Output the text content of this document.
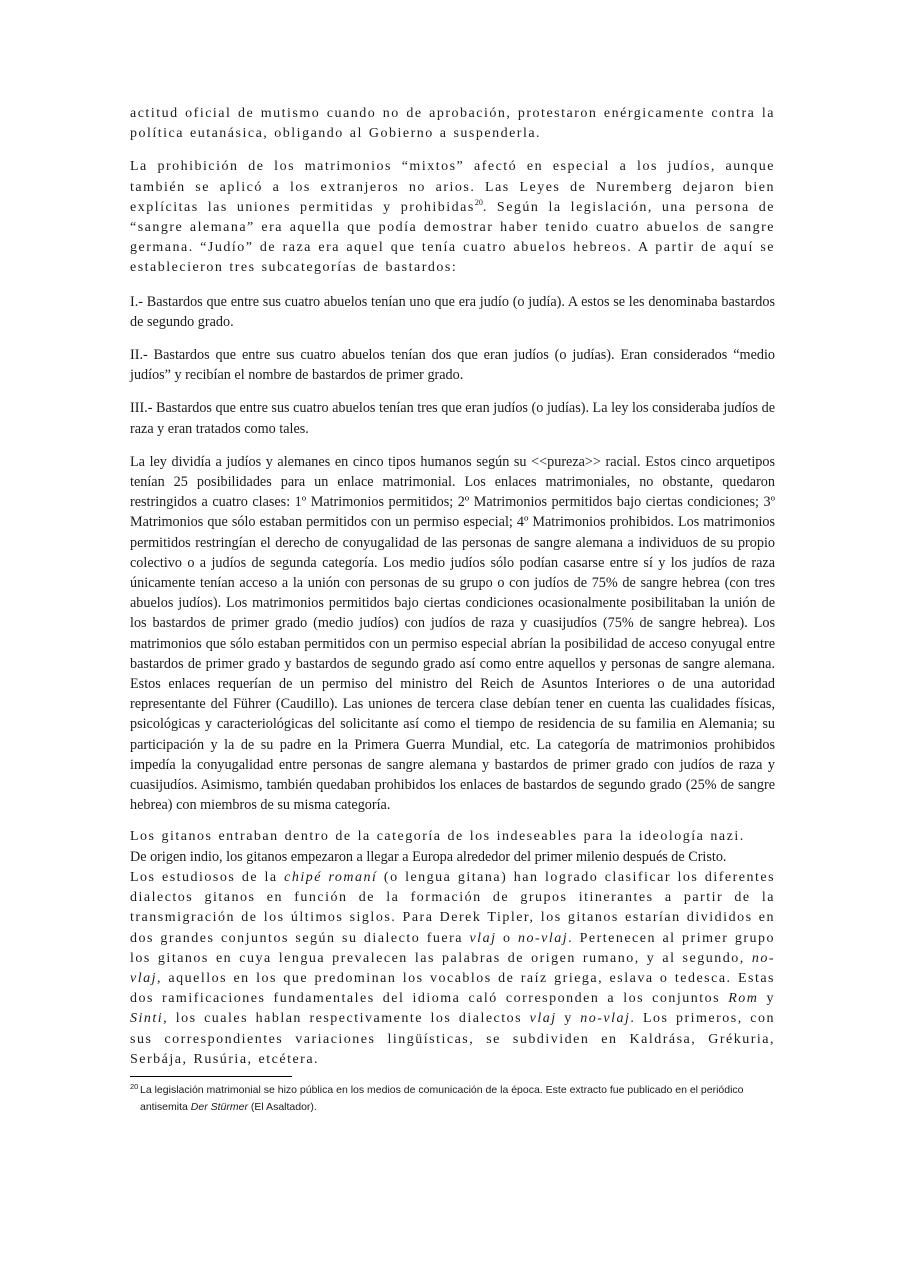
actitud oficial de mutismo cuando no de aprobación, protestaron enérgicamente contra la política eutanásica, obligando al Gobierno a suspenderla.

La prohibición de los matrimonios “mixtos” afectó en especial a los judíos, aunque también se aplicó a los extranjeros no arios. Las Leyes de Nuremberg dejaron bien explícitas las uniones permitidas y prohibidas$^{20}$. Según la legislación, una persona de “sangre alemana” era aquella que podía demostrar haber tenido cuatro abuelos de sangre germana. “Judío” de raza era aquel que tenía cuatro abuelos hebreos. A partir de aquí se establecieron tres subcategorías de bastardos:

I.- Bastardos que entre sus cuatro abuelos tenían uno que era judío (o judía). A estos se les denominaba bastardos de segundo grado.

II.- Bastardos que entre sus cuatro abuelos tenían dos que eran judíos (o judías). Eran considerados “medio judíos” y recibían el nombre de bastardos de primer grado.

III.- Bastardos que entre sus cuatro abuelos tenían tres que eran judíos (o judías). La ley los consideraba judíos de raza y eran tratados como tales.

La ley dividía a judíos y alemanes en cinco tipos humanos según su <<pureza>> racial. Estos cinco arquetipos tenían 25 posibilidades para un enlace matrimonial. Los enlaces matrimoniales, no obstante, quedaron restringidos a cuatro clases: 1º Matrimonios permitidos; 2º Matrimonios permitidos bajo ciertas condiciones; 3º Matrimonios que sólo estaban permitidos con un permiso especial; 4º Matrimonios prohibidos. Los matrimonios permitidos restringían el derecho de conyugalidad de las personas de sangre alemana a individuos de su propio colectivo o a judíos de segunda categoría. Los medio judíos sólo podían casarse entre sí y los judíos de raza únicamente tenían acceso a la unión con personas de su grupo o con judíos de 75% de sangre hebrea (con tres abuelos judíos). Los matrimonios permitidos bajo ciertas condiciones ocasionalmente posibilitaban la unión de los bastardos de primer grado (medio judíos) con judíos de raza y cuasijudíos (75% de sangre hebrea). Los matrimonios que sólo estaban permitidos con un permiso especial abrían la posibilidad de acceso conyugal entre bastardos de primer grado y bastardos de segundo grado así como entre aquellos y personas de sangre alemana. Estos enlaces requerían de un permiso del ministro del Reich de Asuntos Interiores o de una autoridad representante del Führer (Caudillo). Las uniones de tercera clase debían tener en cuenta las cualidades físicas, psicológicas y caracteriológicas del solicitante así como el tiempo de residencia de su familia en Alemania; su participación y la de su padre en la Primera Guerra Mundial, etc. La categoría de matrimonios prohibidos impedía la conyugalidad entre personas de sangre alemana y bastardos de primer grado con judíos de raza y cuasijudíos. Asimismo, también quedaban prohibidos los enlaces de bastardos de segundo grado (25% de sangre hebrea) con miembros de su misma categoría.

Los gitanos entraban dentro de la categoría de los indeseables para la ideología nazi.
De origen indio, los gitanos empezaron a llegar a Europa alrededor del primer milenio después de Cristo.
Los estudiosos de la chipé romaní (o lengua gitana) han logrado clasificar los diferentes dialectos gitanos en función de la formación de grupos itinerantes a partir de la transmigración de los últimos siglos. Para Derek Tipler, los gitanos estarían divididos en dos grandes conjuntos según su dialecto fuera vlaj o no-vlaj. Pertenecen al primer grupo los gitanos en cuya lengua prevalecen las palabras de origen rumano, y al segundo, no-vlaj, aquellos en los que predominan los vocablos de raíz griega, eslava o tedesca. Estas dos ramificaciones fundamentales del idioma caló corresponden a los conjuntos Rom y Sinti, los cuales hablan respectivamente los dialectos vlaj y no-vlaj. Los primeros, con sus correspondientes variaciones lingüísticas, se subdividen en Kaldrása, Grékuria, Serbája, Rusúria, etcétera.

20 La legislación matrimonial se hizo pública en los medios de comunicación de la época. Este extracto fue publicado en el periódico antisemita Der Stürmer (El Asaltador).
